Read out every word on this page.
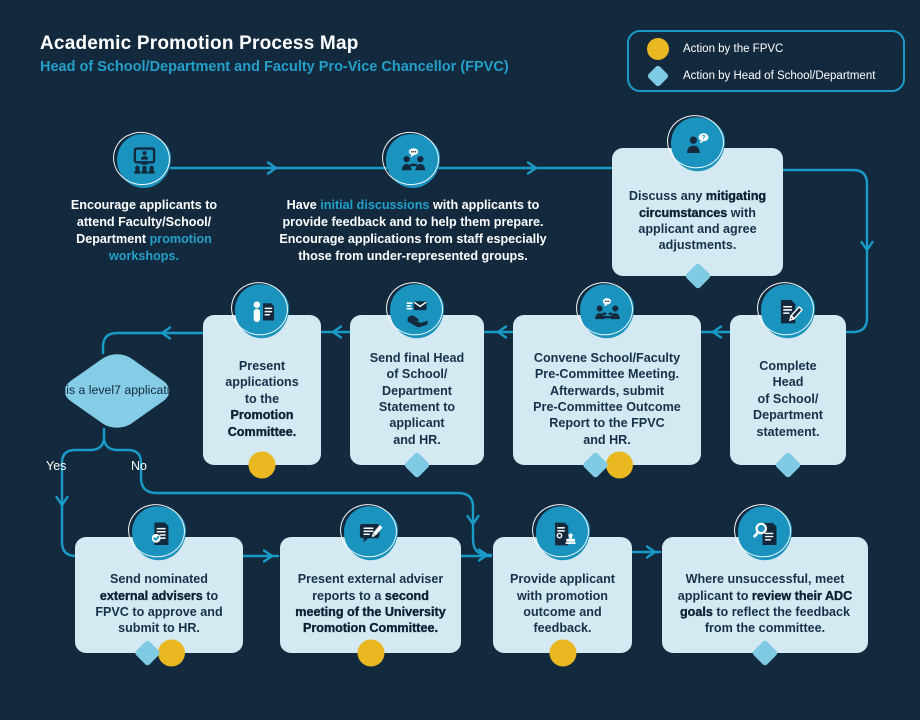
Academic Promotion Process Map
Head of School/Department and Faculty Pro-Vice Chancellor (FPVC)
Action by the FPVC
Action by Head of School/Department
Encourage applicants to
attend Faculty/School/
Department promotion
workshops.
Have initial discussions with applicants to
provide feedback and to help them prepare.
Encourage applications from staff especially
those from under-represented groups.
?
Discuss any mitigating
circumstances with
applicant and agree
adjustments.
Complete
Head
of School/
Department
statement.
Convene School/Faculty
Pre-Committee Meeting.
Afterwards, submit
Pre-Committee Outcome
Report to the FPVC
and HR.
Send final Head
of School/
Department
Statement to
applicant
and HR.
Present
applications
to the
Promotion
Committee.
Is this a level 7 application?
Yes	No
Send nominated
external advisers to
FPVC to approve and
submit to HR.
Present external adviser
reports to a second
meeting of the University
Promotion Committee.
Provide applicant
with promotion
outcome and
feedback.
Where unsuccessful, meet
applicant to review their ADC
goals to reflect the feedback
from the committee.
